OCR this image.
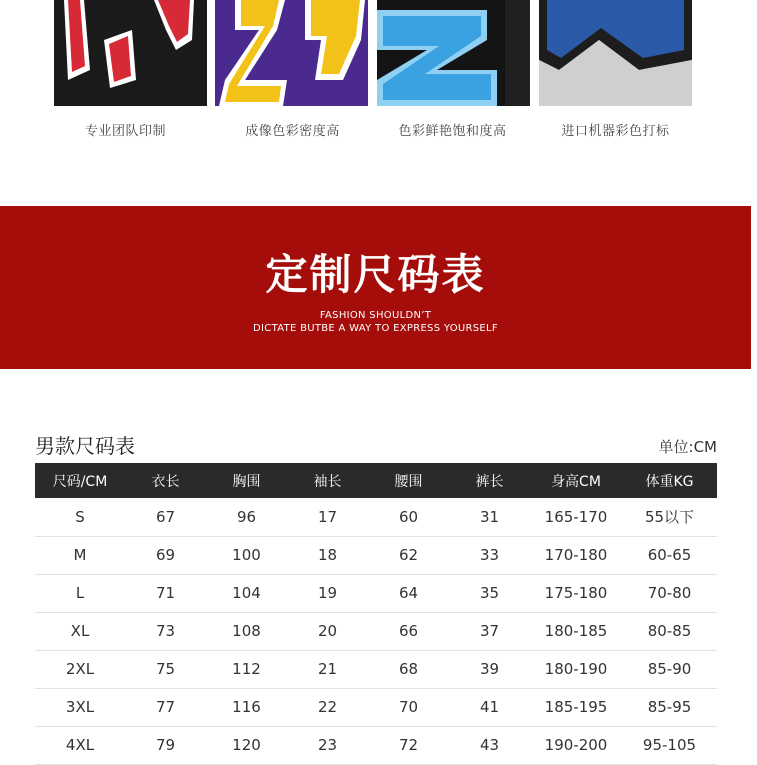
专业团队印制	成像色彩密度高	色彩鲜艳饱和度高	进口机器彩色打标
定制尺码表
FASHION SHOULDN’T
DICTATE BUTBE A WAY TO EXPRESS YOURSELF
男款尺码表	单位:CM
尺码/CM	衣长	胸围	袖长	腰围	裤长	身高CM	体重KG
S	67	96	17	60	31	165-170	55以下
M	69	100	18	62	33	170-180	60-65
L	71	104	19	64	35	175-180	70-80
XL	73	108	20	66	37	180-185	80-85
2XL	75	112	21	68	39	180-190	85-90
3XL	77	116	22	70	41	185-195	85-95
4XL	79	120	23	72	43	190-200	95-105
